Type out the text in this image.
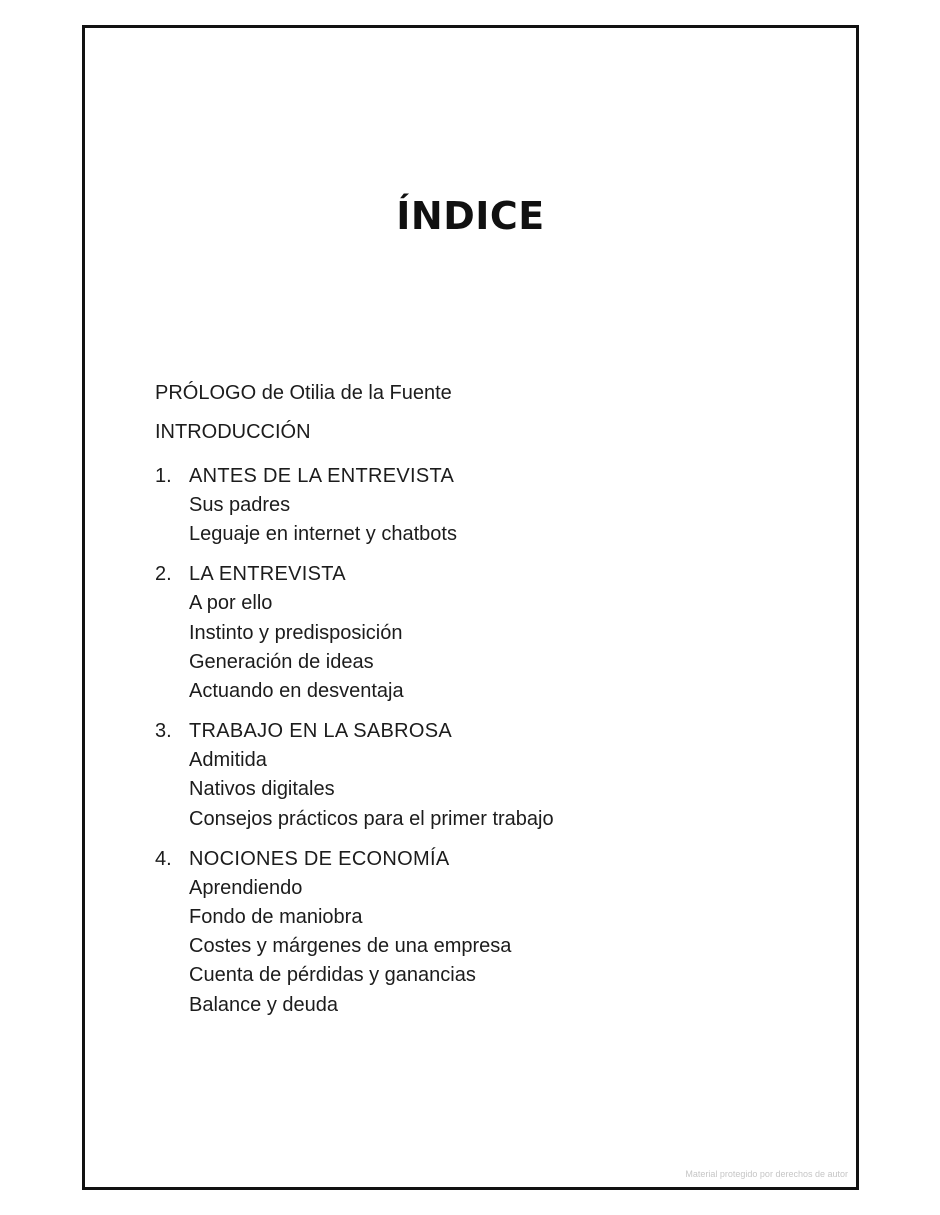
ÍNDICE
PRÓLOGO de Otilia de la Fuente
INTRODUCCIÓN
1. ANTES DE LA ENTREVISTA
Sus padres
Leguaje en internet y chatbots
2. LA ENTREVISTA
A por ello
Instinto y predisposición
Generación de ideas
Actuando en desventaja
3. TRABAJO EN LA SABROSA
Admitida
Nativos digitales
Consejos prácticos para el primer trabajo
4. NOCIONES DE ECONOMÍA
Aprendiendo
Fondo de maniobra
Costes y márgenes de una empresa
Cuenta de pérdidas y ganancias
Balance y deuda
Material protegido por derechos de autor
